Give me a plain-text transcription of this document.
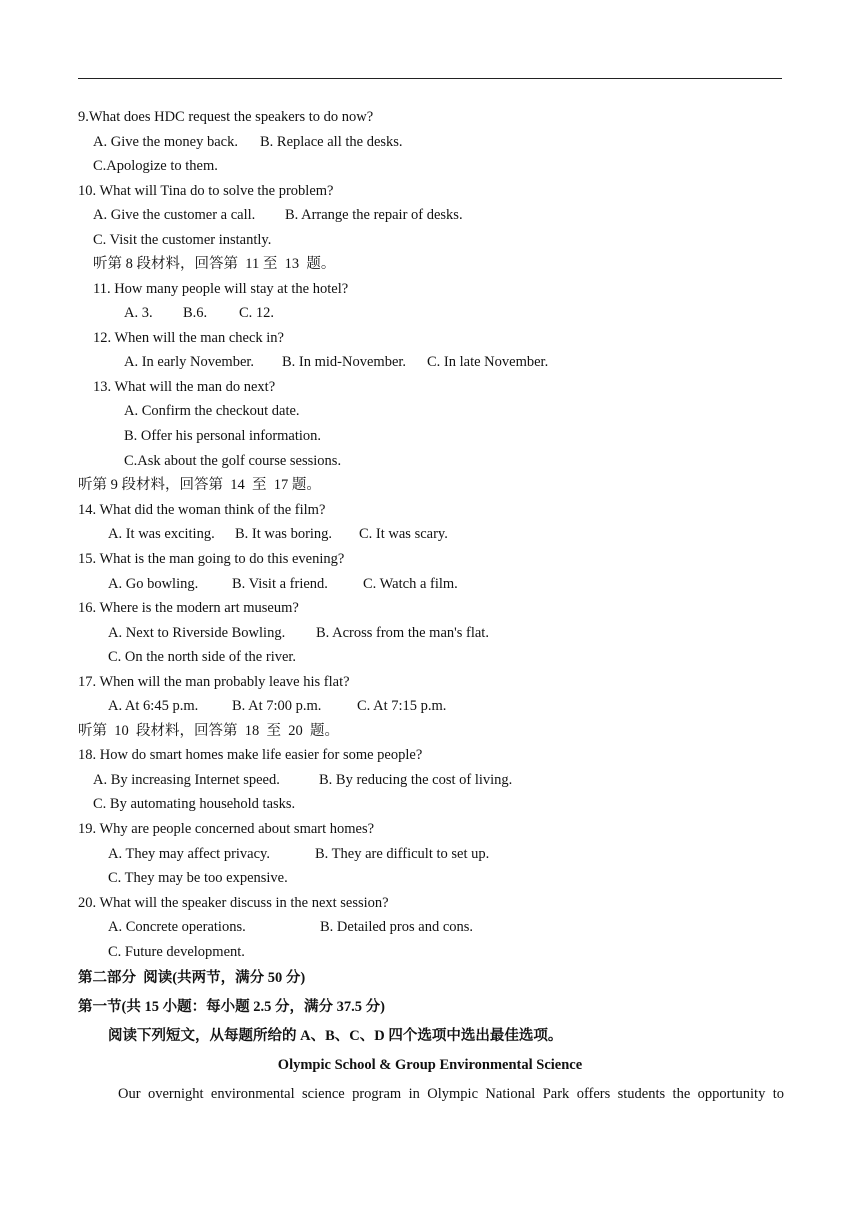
9.What does HDC request the speakers to do now?
A. Give the money back. B. Replace all the desks.
C.Apologize to them.
10. What will Tina do to solve the problem?
A. Give the customer a call. B. Arrange the repair of desks.
C. Visit the customer instantly.
听第 8 段材料，回答第  11 至  13  题。
11. How many people will stay at the hotel?
A. 3. B.6. C. 12.
12. When will the man check in?
A. In early November. B. In mid-November. C. In late November.
13. What will the man do next?
A. Confirm the checkout date.
B. Offer his personal information.
C.Ask about the golf course sessions.
听第 9 段材料，回答第  14  至  17 题。
14. What did the woman think of the film?
A. It was exciting. B. It was boring. C. It was scary.
15. What is the man going to do this evening?
A. Go bowling. B. Visit a friend. C. Watch a film.
16. Where is the modern art museum?
A. Next to Riverside Bowling. B. Across from the man's flat.
C. On the north side of the river.
17. When will the man probably leave his flat?
A. At 6:45 p.m. B. At 7:00 p.m. C. At 7:15 p.m.
听第  10  段材料，回答第  18  至  20  题。
18. How do smart homes make life easier for some people?
A. By increasing Internet speed.	B. By reducing the cost of living.
C. By automating household tasks.
19. Why are people concerned about smart homes?
A. They may affect privacy.	B. They are difficult to set up.
C. They may be too expensive.
20. What will the speaker discuss in the next session?
A. Concrete operations.	B. Detailed pros and cons.
C. Future development.
第二部分  阅读(共两节，满分 50 分)
第一节(共 15 小题：每小题 2.5 分，满分 37.5 分)
阅读下列短文，从每题所给的 A、B、C、D 四个选项中选出最佳选项。
Olympic School & Group Environmental Science
Our overnight environmental science program in Olympic National Park offers students the opportunity to
